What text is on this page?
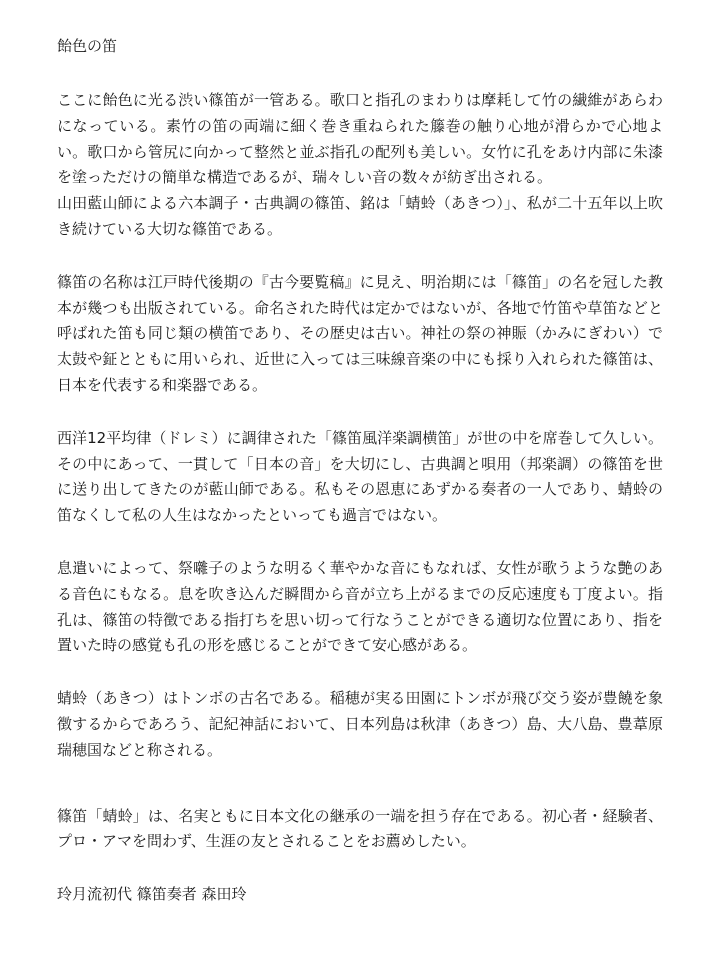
飴色の笛

ここに飴色に光る渋い篠笛が一管ある。歌口と指孔のまわりは摩耗して竹の繊維があらわになっている。素竹の笛の両端に細く巻き重ねられた籐巻の触り心地が滑らかで心地よい。歌口から管尻に向かって整然と並ぶ指孔の配列も美しい。女竹に孔をあけ内部に朱漆を塗っただけの簡単な構造であるが、瑞々しい音の数々が紡ぎ出される。
山田藍山師による六本調子・古典調の篠笛、銘は「蜻蛉（あきつ）」、私が二十五年以上吹き続けている大切な篠笛である。

篠笛の名称は江戸時代後期の『古今要覧稿』に見え、明治期には「篠笛」の名を冠した教本が幾つも出版されている。命名された時代は定かではないが、各地で竹笛や草笛などと呼ばれた笛も同じ類の横笛であり、その歴史は古い。神社の祭の神賑（かみにぎわい）で太鼓や鉦とともに用いられ、近世に入っては三味線音楽の中にも採り入れられた篠笛は、日本を代表する和楽器である。

西洋12平均律（ドレミ）に調律された「篠笛風洋楽調横笛」が世の中を席巻して久しい。その中にあって、一貫して「日本の音」を大切にし、古典調と唄用（邦楽調）の篠笛を世に送り出してきたのが藍山師である。私もその恩恵にあずかる奏者の一人であり、蜻蛉の笛なくして私の人生はなかったといっても過言ではない。

息遣いによって、祭囃子のような明るく華やかな音にもなれば、女性が歌うような艶のある音色にもなる。息を吹き込んだ瞬間から音が立ち上がるまでの反応速度も丁度よい。指孔は、篠笛の特徴である指打ちを思い切って行なうことができる適切な位置にあり、指を置いた時の感覚も孔の形を感じることができて安心感がある。

蜻蛉（あきつ）はトンボの古名である。稲穂が実る田園にトンボが飛び交う姿が豊饒を象徴するからであろう、記紀神話において、日本列島は秋津（あきつ）島、大八島、豊葦原瑞穂国などと称される。

篠笛「蜻蛉」は、名実ともに日本文化の継承の一端を担う存在である。初心者・経験者、プロ・アマを問わず、生涯の友とされることをお薦めしたい。

玲月流初代 篠笛奏者 森田玲
